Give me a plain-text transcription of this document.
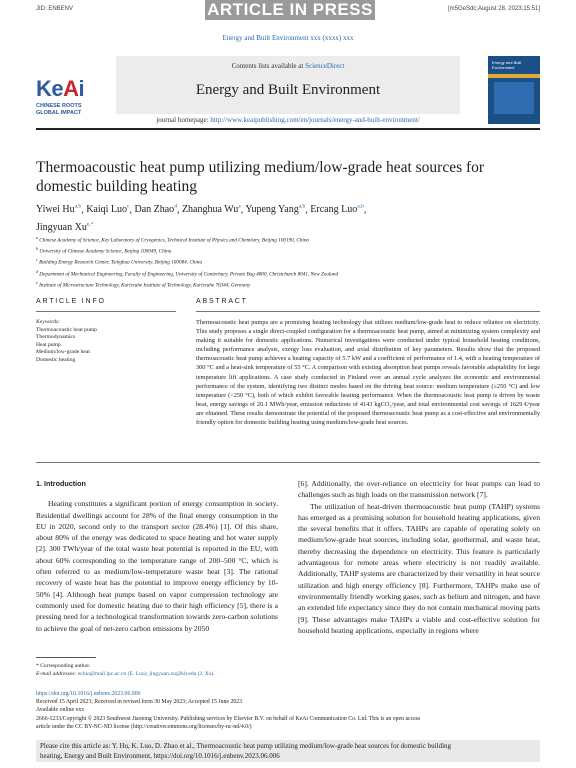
JID: ENBENV	ARTICLE IN PRESS	[m5GeSdc;August 28, 2023;15:51]
Energy and Built Environment xxx (xxxx) xxx
KeAi
CHINESE ROOTS
GLOBAL IMPACT
Contents lists available at ScienceDirect
Energy and Built Environment
Energy and Built Environment
journal homepage: http://www.keaipublishing.com/en/journals/energy-and-built-environment/
Thermoacoustic heat pump utilizing medium/low-grade heat sources for
domestic building heating
Yiwei Hu$^{a,b}$, Kaiqi Luo$^c$, Dan Zhao$^d$, Zhanghua Wu$^a$, Yupeng Yang$^{a,b}$, Ercang Luo$^{a,b}$,
Jingyuan $Xu^{e,*}$
$^a$ Chinese Academy of Science, Key Laboratory of Cryogenics, Technical Institute of Physics and Chemistry, Beijing 100190, China
$^b$ University of Chinese Academy Science, Beijing 100049, China
$^c$ Building Energy Research Center, Tsinghua University, Beijing 100084, China
$^d$ Department of Mechanical Engineering, Faculty of Engineering, University of Canterbury, Private Bag 4800, Christchurch 8041, New Zealand
$^e$ Institute of Microstructure Technology, Karlsruhe Institute of Technology, Karlsruhe 76344, Germany
ARTICLE INFO	ABSTRACT
Keywords:
Thermoacoustic heat pump
Thermodynamics
Heat pump
Medium/low-grade heat
Domestic heating
Thermoacoustic heat pumps are a promising heating technology that utilizes medium/low-grade heat to reduce reliance on electricity. This study proposes a single direct-coupled configuration for a thermoacoustic heat pump, aimed at minimizing system complexity and making it suitable for domestic applications. Numerical investigations were conducted under typical household heating conditions, including performance analysis, exergy loss evaluation, and axial distribution of key parameters. Results show that the proposed thermoacoustic heat pump achieves a heating capacity of 5.7 kW and a coefficient of performance of 1.4, with a heating temperature of 300 °C and a heat-sink temperature of 55 °C. A comparison with existing absorption heat pumps reveals favorable adaptability for large temperature lift applications. A case study conducted in Finland over an annual cycle analyzes the economic and environmental performance of the system, identifying two distinct modes based on the driving heat source: medium temperature (≥250 °C) and low temperature (<250 °C), both of which exhibit favorable heating performance. When the thermoacoustic heat pump is driven by waste heat, energy savings of 20.1 MWh/year, emission reductions of 4143 kgCO₂/year, and total environmental cost savings of 1629 €/year are obtained. These results demonstrate the potential of the proposed thermoacoustic heat pump as a cost-effective and environmentally friendly option for domestic building heating using medium/low-grade heat sources.
1. Introduction

Heating constitutes a significant portion of energy consumption in society. Residential dwellings account for 28% of the final energy consumption in the EU in 2020, second only to the transport sector (28.4%) [1]. Of this share, about 80% of the energy was dedicated to space heating and hot water supply [2]. 300 TWh/year of the total waste heat potential is reported in the EU, with about 60% corresponding to the temperature range of 200–500 °C, which is often referred to as medium/low-temperature waste heat [3]. The rational recovery of waste heat has the potential to improve energy efficiency by 10-50% [4]. Although heat pumps based on vapor compression technology are commonly used for domestic heating due to their high efficiency [5], there is a pressing need for a technological transformation towards zero-carbon solutions to achieve the goal of net-zero carbon emissions by 2050

[6]. Additionally, the over-reliance on electricity for heat pumps can lead to challenges such as high loads on the transmission network [7].

The utilization of heat-driven thermoacoustic heat pump (TAHP) systems has emerged as a promising solution for household heating applications, given the several benefits that it offers. TAHPs are capable of operating solely on medium/low-grade heat sources, including solar, geothermal, and waste heat, thereby decreasing the dependence on electricity. This feature is particularly advantageous for remote areas where electricity is not readily available. Additionally, TAHP systems are characterized by their versatility in heat source utilization and high energy efficiency [8]. Furthermore, TAHPs make use of environmentally friendly working gases, such as helium and nitrogen, and have an extended life expectancy since they do not contain mechanical moving parts [9]. These advantages make TAHPs a viable and cost-effective solution for household heating applications, especially in regions where

* Corresponding author.
E-mail addresses: ecluo@mail.ipc.ac.cn (E. Luo), jingyuan.xu@kit.edu (J. Xu).
https://doi.org/10.1016/j.enbenv.2023.06.006
Received 15 April 2023; Received in revised form 30 May 2023; Accepted 15 June 2023
Available online xxx
2666-1233/Copyright © 2023 Southwest Jiaotong University. Publishing services by Elsevier B.V. on behalf of KeAi Communication Co. Ltd. This is an open access
article under the CC BY-NC-ND license (http://creativecommons.org/licenses/by-nc-nd/4.0/)
Please cite this article as: Y. Hu, K. Luo, D. Zhao et al., Thermoacoustic heat pump utilizing medium/low-grade heat sources for domestic building
heating, Energy and Built Environment, https://doi.org/10.1016/j.enbenv.2023.06.006
